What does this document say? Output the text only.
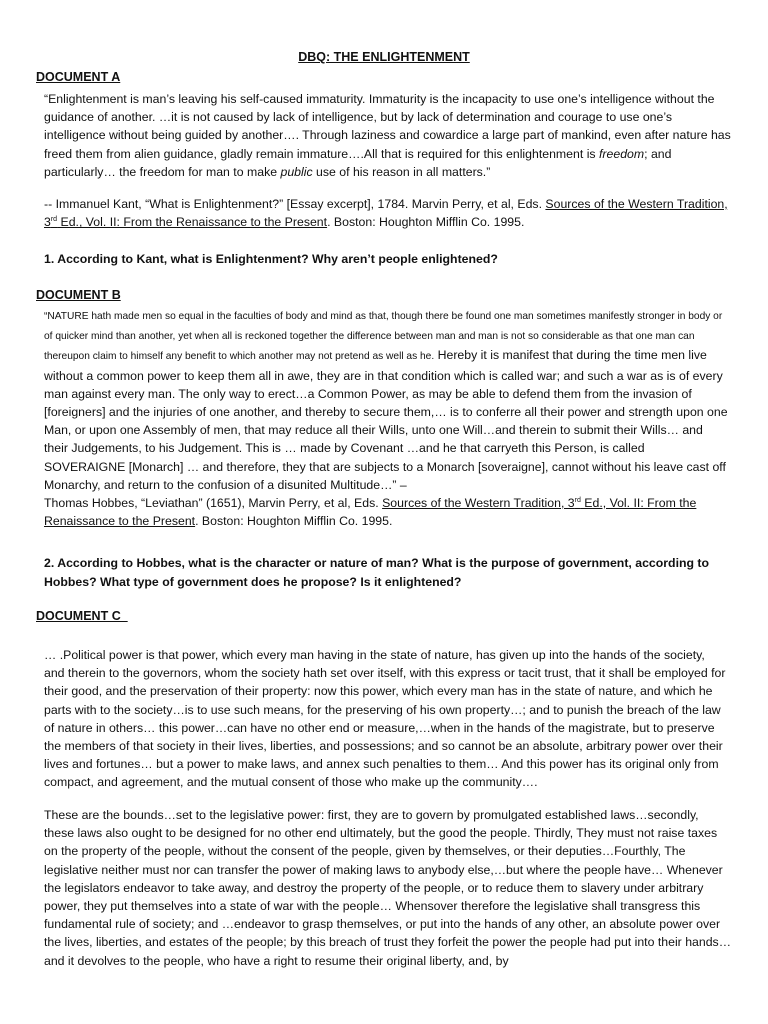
DBQ: THE ENLIGHTENMENT
DOCUMENT A

“Enlightenment is man’s leaving his self-caused immaturity. Immaturity is the incapacity to use one’s intelligence without the guidance of another. …it is not caused by lack of intelligence, but by lack of determination and courage to use one’s intelligence without being guided by another…. Through laziness and cowardice a large part of mankind, even after nature has freed them from alien guidance, gladly remain immature….All that is required for this enlightenment is freedom; and particularly… the freedom for man to make public use of his reason in all matters.”

-- Immanuel Kant, “What is Enlightenment?” [Essay excerpt], 1784. Marvin Perry, et al, Eds. Sources of the Western Tradition, 3rd Ed., Vol. II: From the Renaissance to the Present. Boston: Houghton Mifflin Co. 1995.

1. According to Kant, what is Enlightenment? Why aren’t people enlightened?

DOCUMENT B

“NATURE hath made men so equal in the faculties of body and mind as that, though there be found one man sometimes manifestly stronger in body or of quicker mind than another, yet when all is reckoned together the difference between man and man is not so considerable as that one man can thereupon claim to himself any benefit to which another may not pretend as well as he. Hereby it is manifest that during the time men live without a common power to keep them all in awe, they are in that condition which is called war; and such a war as is of every man against every man. The only way to erect…a Common Power, as may be able to defend them from the invasion of [foreigners] and the injuries of one another, and thereby to secure them,… is to conferre all their power and strength upon one Man, or upon one Assembly of men, that may reduce all their Wills, unto one Will…and therein to submit their Wills… and their Judgements, to his Judgement. This is … made by Covenant …and he that carryeth this Person, is called SOVERAIGNE [Monarch] … and therefore, they that are subjects to a Monarch [soveraigne], cannot without his leave cast off Monarchy, and return to the confusion of a disunited Multitude…” –
Thomas Hobbes, “Leviathan” (1651), Marvin Perry, et al, Eds. Sources of the Western Tradition, 3rd Ed., Vol. II: From the Renaissance to the Present. Boston: Houghton Mifflin Co. 1995.

2. According to Hobbes, what is the character or nature of man? What is the purpose of government, according to Hobbes? What type of government does he propose? Is it enlightened?

DOCUMENT C

… .Political power is that power, which every man having in the state of nature, has given up into the hands of the society, and therein to the governors, whom the society hath set over itself, with this express or tacit trust, that it shall be employed for their good, and the preservation of their property: now this power, which every man has in the state of nature, and which he parts with to the society…is to use such means, for the preserving of his own property…; and to punish the breach of the law of nature in others… this power…can have no other end or measure,…when in the hands of the magistrate, but to preserve the members of that society in their lives, liberties, and possessions; and so cannot be an absolute, arbitrary power over their lives and fortunes… but a power to make laws, and annex such penalties to them… And this power has its original only from compact, and agreement, and the mutual consent of those who make up the community….

These are the bounds…set to the legislative power: first, they are to govern by promulgated established laws…secondly, these laws also ought to be designed for no other end ultimately, but the good the people. Thirdly, They must not raise taxes on the property of the people, without the consent of the people, given by themselves, or their deputies…Fourthly, The legislative neither must nor can transfer the power of making laws to anybody else,…but where the people have… Whenever the legislators endeavor to take away, and destroy the property of the people, or to reduce them to slavery under arbitrary power, they put themselves into a state of war with the people… Whensover therefore the legislative shall transgress this fundamental rule of society; and …endeavor to grasp themselves, or put into the hands of any other, an absolute power over the lives, liberties, and estates of the people; by this breach of trust they forfeit the power the people had put into their hands…and it devolves to the people, who have a right to resume their original liberty, and, by
